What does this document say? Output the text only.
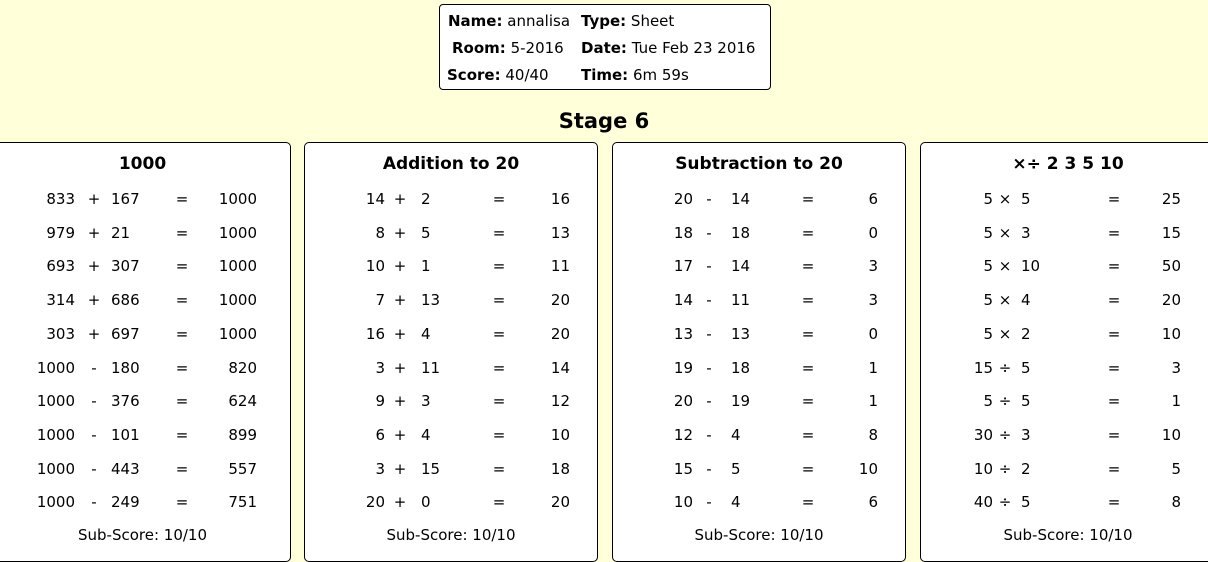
Name: annalisa Type: Sheet
Room: 5-2016 Date: Tue Feb 23 2016
Score: 40/40 Time: 6m 59s
Stage 6
1000
833 + 167	=	1000
979 + 21	=	1000
693 + 307	=	1000
314 + 686	=	1000
303 + 697	=	1000
1000 - 180	=	820
1000 - 376	=	624
1000 - 101	=	899
1000 - 443	=	557
1000 - 249	=	751
Sub-Score: 10/10
Addition to 20
14 + 2	=	16
8 + 5	=	13
10 + 1	=	11
7 + 13	=	20
16 + 4	=	20
3 + 11	=	14
9 + 3	=	12
6 + 4	=	10
3 + 15	=	18
20 + 0	=	20
Sub-Score: 10/10
Subtraction to 20
20 - 14	=	6
18 - 18	=	0
17 - 14	=	3
14 - 11	=	3
13 - 13	=	0
19 - 18	=	1
20 - 19	=	1
12 - 4	=	8
15 - 5	=	10
10 - 4	=	6
Sub-Score: 10/10
×÷ 2 3 5 10
5 × 5	=	25
5 × 3	=	15
5 × 10	=	50
5 × 4	=	20
5 × 2	=	10
15 ÷ 5	=	3
5 ÷ 5	=	1
30 ÷ 3	=	10
10 ÷ 2	=	5
40 ÷ 5	=	8
Sub-Score: 10/10
